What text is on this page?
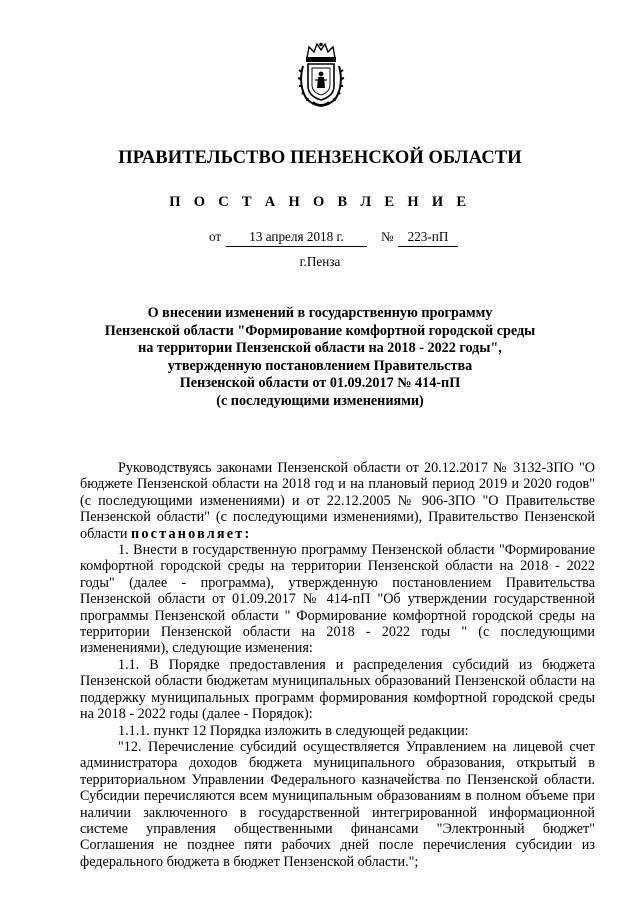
ПРАВИТЕЛЬСТВО ПЕНЗЕНСКОЙ ОБЛАСТИ
П О С Т А Н О В Л Е Н И Е
от	13 апреля 2018 г.	№	223-пП
г.Пенза
О внесении изменений в государственную программу
Пензенской области "Формирование комфортной городской среды
на территории Пензенской области на 2018 - 2022 годы",
утвержденную постановлением Правительства
Пензенской области от 01.09.2017 № 414-пП
(с последующими изменениями)

Руководствуясь законами Пензенской области от 20.12.2017 № 3132-ЗПО "О бюджете Пензенской области на 2018 год и на плановый период 2019 и 2020 годов" (с последующими изменениями) и от 22.12.2005 № 906-ЗПО "О Правительстве Пензенской области" (с последующими изменениями), Правительство Пензенской области постановляет:

1. Внести в государственную программу Пензенской области "Формирование комфортной городской среды на территории Пензенской области на 2018 - 2022 годы" (далее - программа), утвержденную постановлением Правительства Пензенской области от 01.09.2017 № 414-пП "Об утверждении государственной программы Пензенской области " Формирование комфортной городской среды на территории Пензенской области на 2018 - 2022 годы " (с последующими изменениями), следующие изменения:

1.1. В Порядке предоставления и распределения субсидий из бюджета Пензенской области бюджетам муниципальных образований Пензенской области на поддержку муниципальных программ формирования комфортной городской среды на 2018 - 2022 годы (далее - Порядок):

1.1.1. пункт 12 Порядка изложить в следующей редакции:

"12. Перечисление субсидий осуществляется Управлением на лицевой счет администратора доходов бюджета муниципального образования, открытый в территориальном Управлении Федерального казначейства по Пензенской области. Субсидии перечисляются всем муниципальным образованиям в полном объеме при наличии заключенного в государственной интегрированной информационной системе управления общественными финансами "Электронный бюджет" Соглашения не позднее пяти рабочих дней после перечисления субсидии из федерального бюджета в бюджет Пензенской области.";
